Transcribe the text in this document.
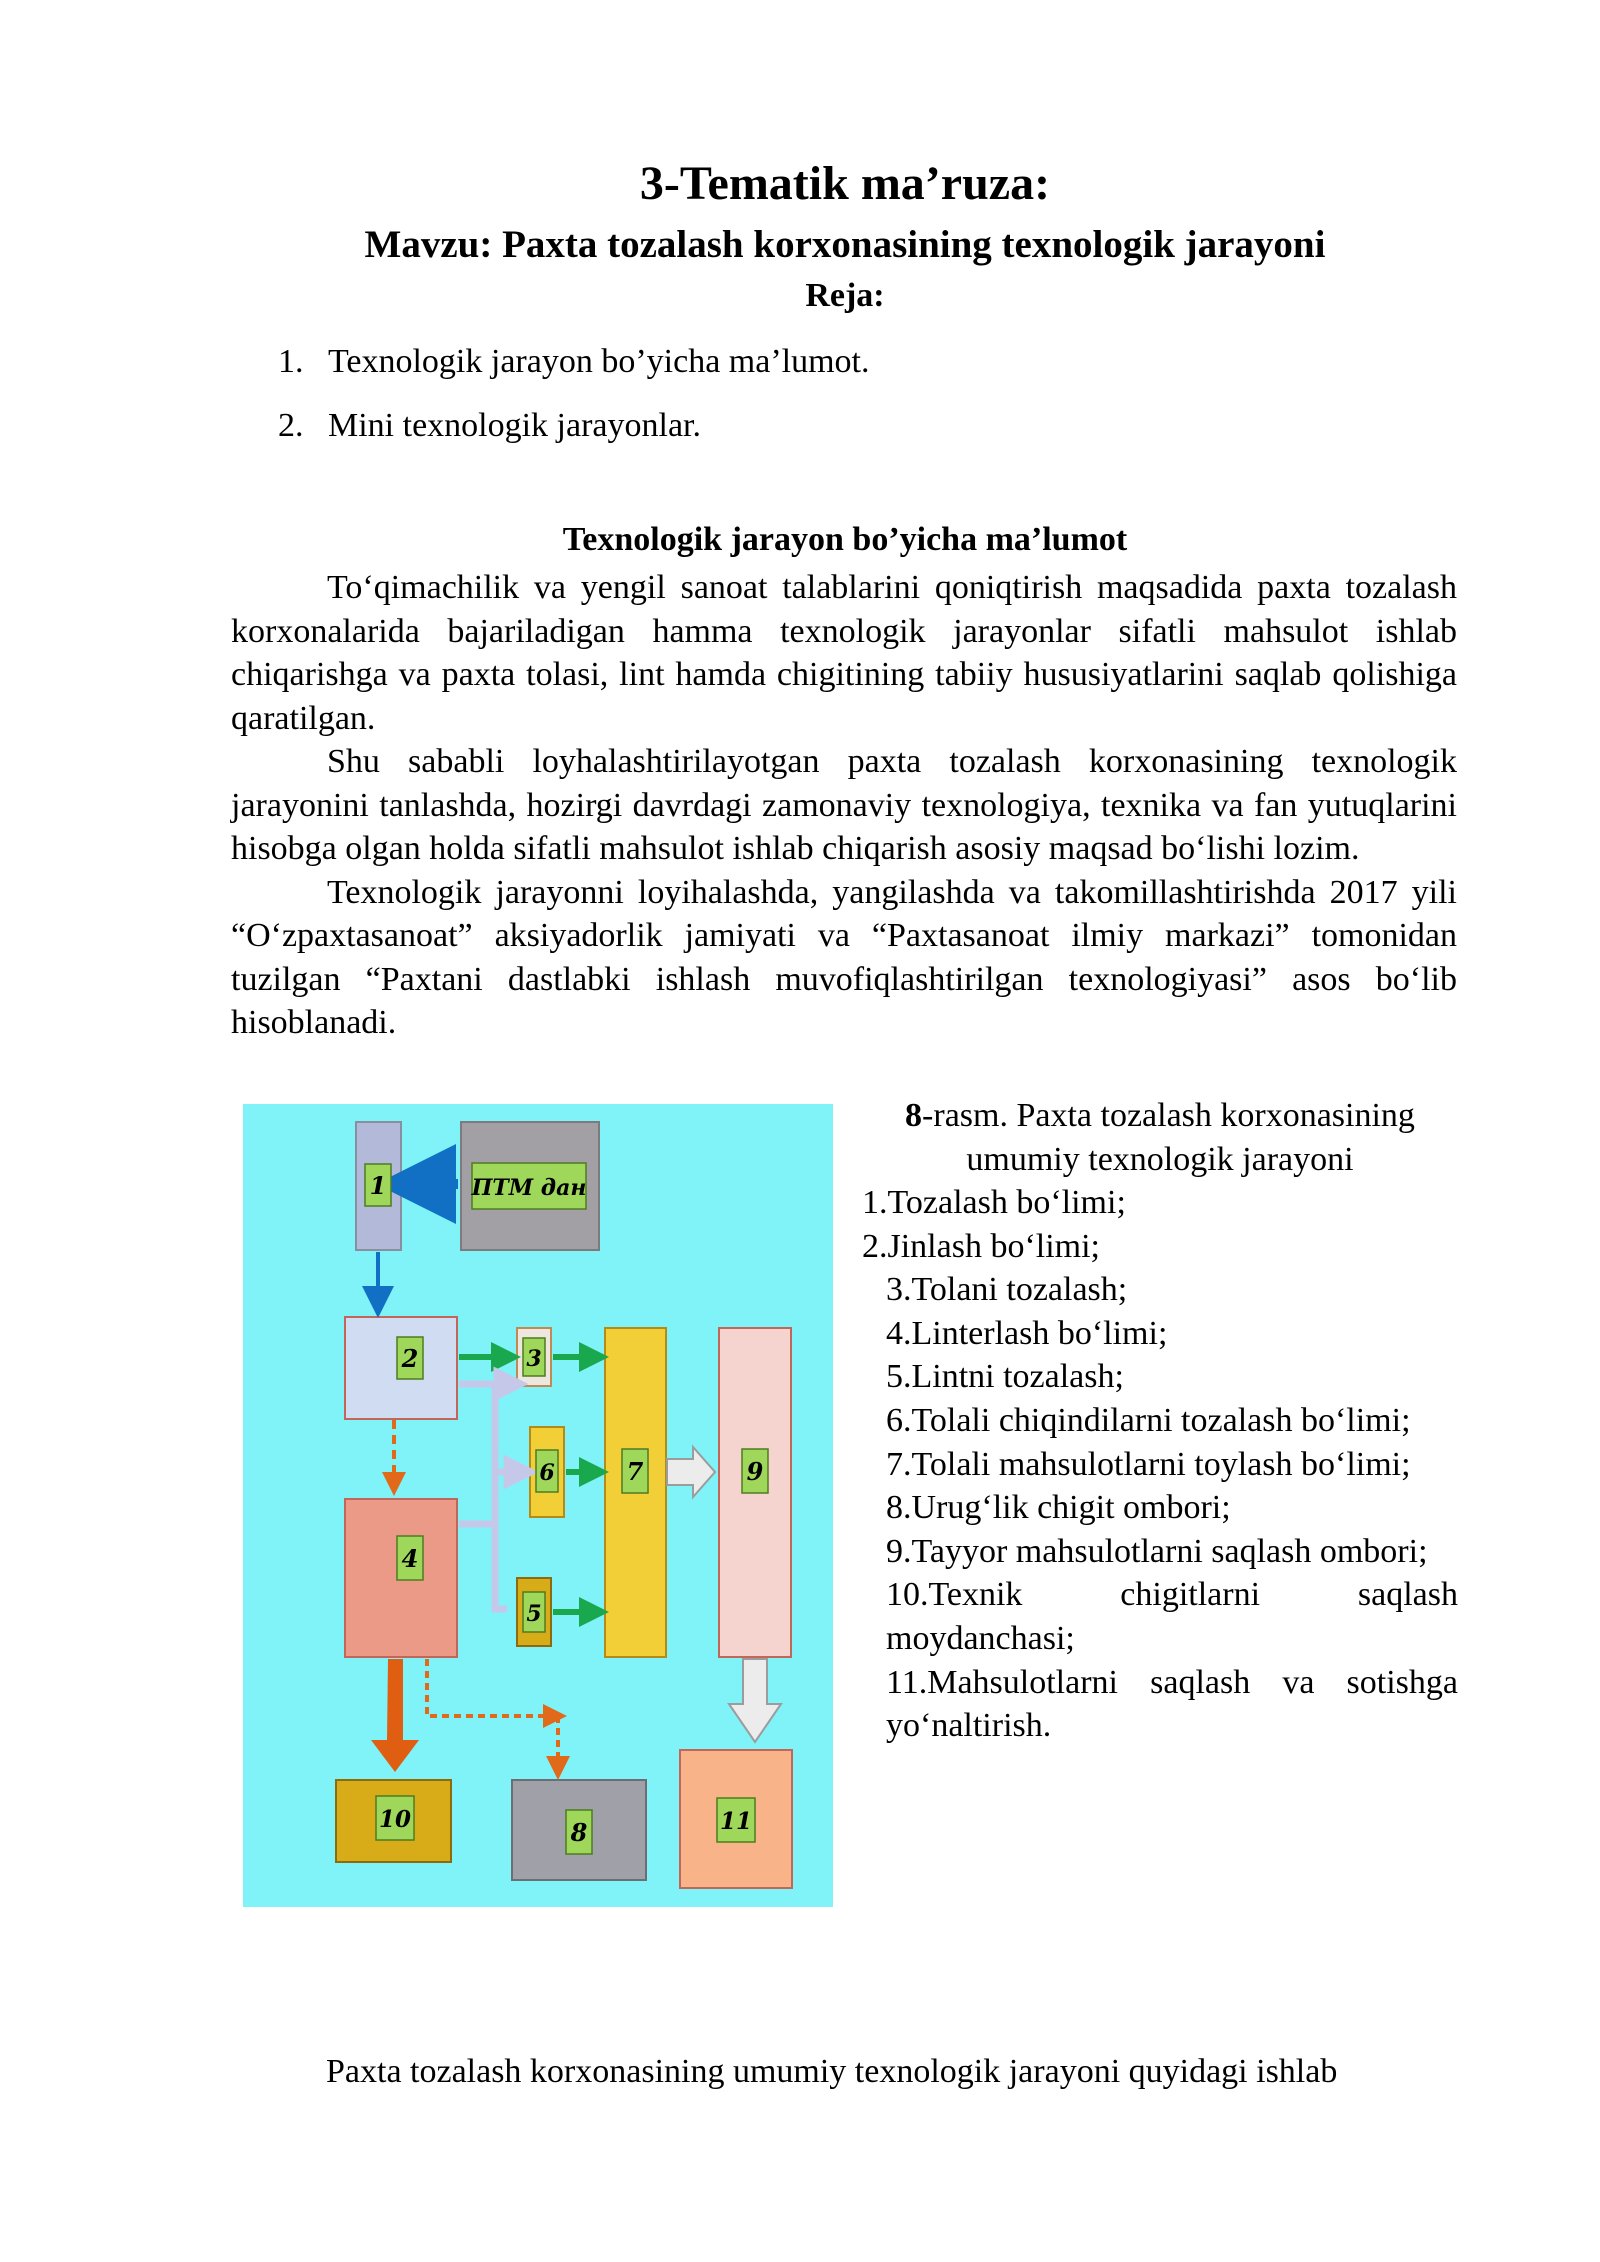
3-Tematik ma’ruza:
Mavzu: Paxta tozalash korxonasining texnologik jarayoni
Reja:
1. Texnologik jarayon bo’yicha ma’lumot.
2. Mini texnologik jarayonlar.
Texnologik jarayon bo’yicha ma’lumot

To‘qimachilik va yengil sanoat talablarini qoniqtirish maqsadida paxta tozalash korxonalarida bajariladigan hamma texnologik jarayonlar sifatli mahsulot ishlab chiqarishga va paxta tolasi, lint hamda chigitining tabiiy hususiyatlarini saqlab qolishiga qaratilgan.

Shu sababli loyhalashtirilayotgan paxta tozalash korxonasining texnologik jarayonini tanlashda, hozirgi davrdagi zamonaviy texnologiya, texnika va fan yutuqlarini hisobga olgan holda sifatli mahsulot ishlab chiqarish asosiy maqsad bo‘lishi lozim.

Texnologik jarayonni loyihalashda, yangilashda va takomillashtirishda 2017 yili “O‘zpaxtasanoat” aksiyadorlik jamiyati va “Paxtasanoat ilmiy markazi” tomonidan tuzilgan “Paxtani dastlabki ishlash muvofiqlashtirilgan texnologiyasi” asos bo‘lib hisoblanadi.

1	ПТМ дан
2	3
4
5
6	7
8
9
10	11
8-rasm. Paxta tozalash korxonasining
umumiy texnologik jarayoni
1.Tozalash bo‘limi;
2.Jinlash bo‘limi;
3.Tolani tozalash;
4.Linterlash bo‘limi;
5.Lintni tozalash;
6.Tolali chiqindilarni tozalash bo‘limi;
7.Tolali mahsulotlarni toylash bo‘limi;
8.Urug‘lik chigit ombori;
9.Tayyor mahsulotlarni saqlash ombori;
10.Texnik chigitlarni saqlash moydanchasi;
11.Mahsulotlarni saqlash va sotishga yo‘naltirish.
Paxta tozalash korxonasining umumiy texnologik jarayoni quyidagi ishlab
